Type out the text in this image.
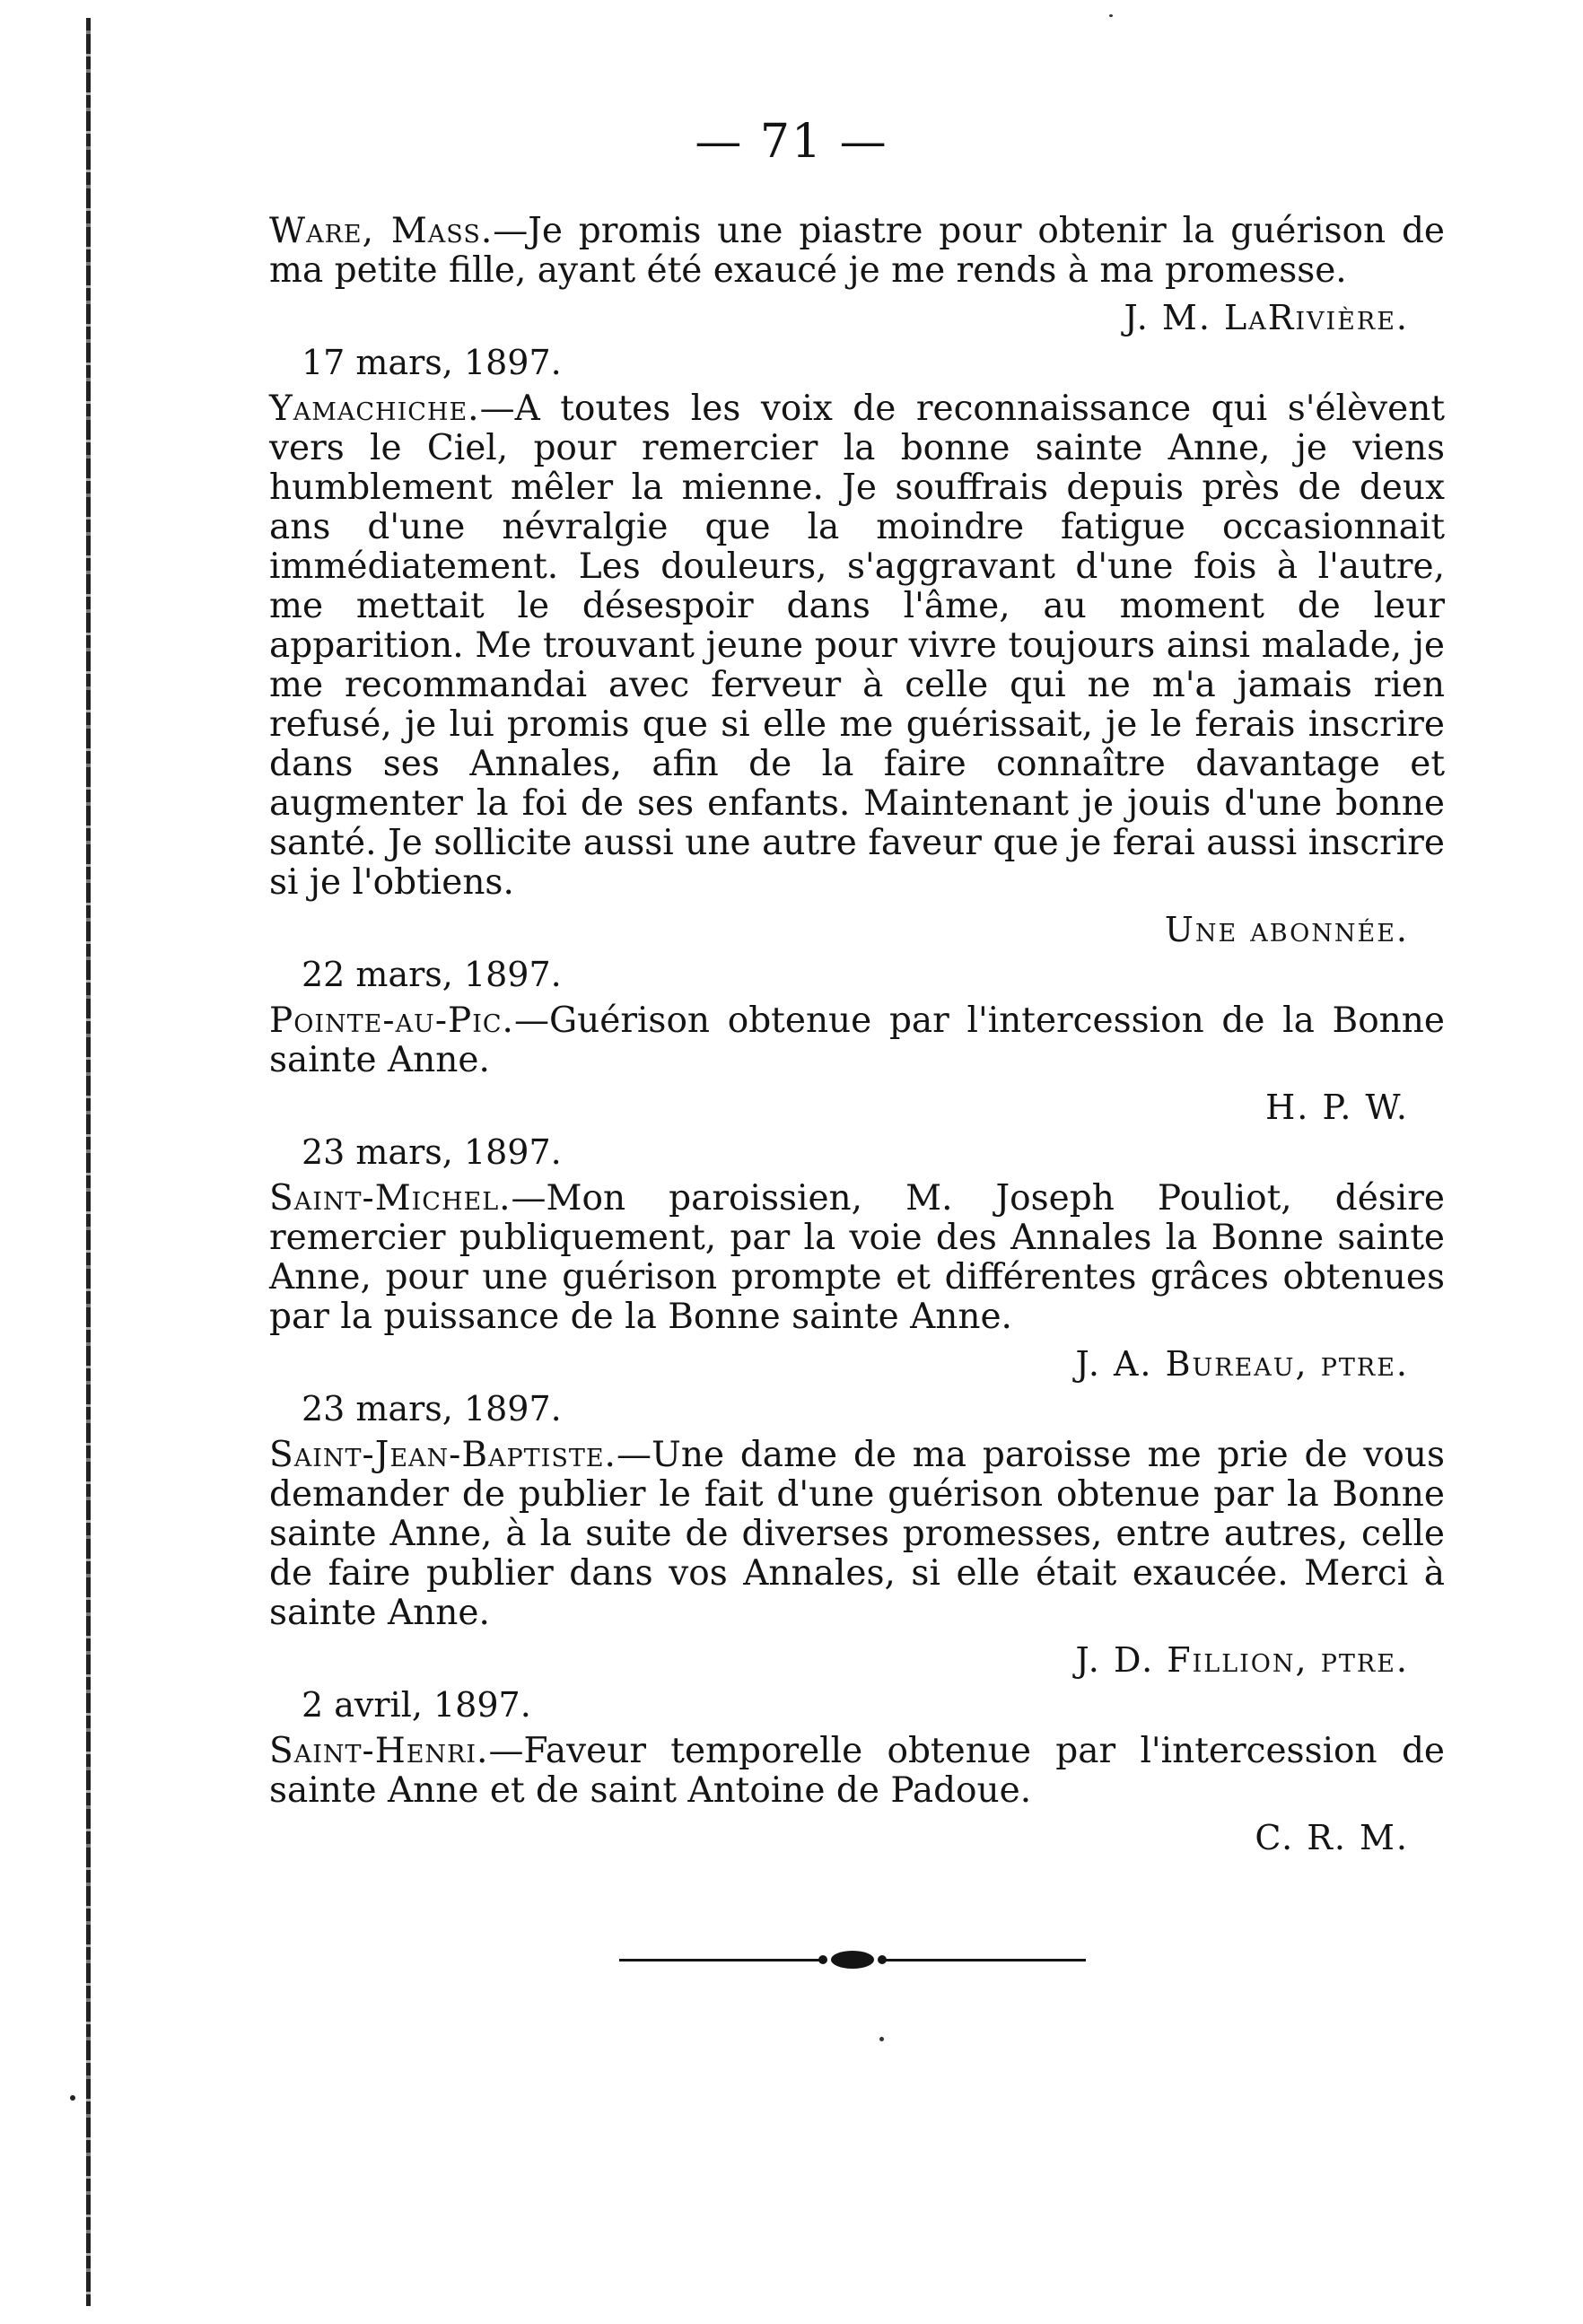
— 71 —

Ware, Mass.—Je promis une piastre pour obtenir la guérison de ma petite fille, ayant été exaucé je me rends à ma promesse.

J. M. LaRivière.

17 mars, 1897.

Yamachiche.—A toutes les voix de reconnaissance qui s'élèvent vers le Ciel, pour remercier la bonne sainte Anne, je viens humblement mêler la mienne. Je souffrais depuis près de deux ans d'une névralgie que la moindre fatigue occasionnait immédiatement. Les douleurs, s'aggravant d'une fois à l'autre, me mettait le désespoir dans l'âme, au moment de leur apparition. Me trouvant jeune pour vivre toujours ainsi malade, je me recommandai avec ferveur à celle qui ne m'a jamais rien refusé, je lui promis que si elle me guérissait, je le ferais inscrire dans ses Annales, afin de la faire connaître davantage et augmenter la foi de ses enfants. Maintenant je jouis d'une bonne santé. Je sollicite aussi une autre faveur que je ferai aussi inscrire si je l'obtiens.

Une abonnée.

22 mars, 1897.

Pointe-au-Pic.—Guérison obtenue par l'intercession de la Bonne sainte Anne.

H. P. W.

23 mars, 1897.

Saint-Michel.—Mon paroissien, M. Joseph Pouliot, désire remercier publiquement, par la voie des Annales la Bonne sainte Anne, pour une guérison prompte et différentes grâces obtenues par la puissance de la Bonne sainte Anne.

J. A. Bureau, ptre.

23 mars, 1897.

Saint-Jean-Baptiste.—Une dame de ma paroisse me prie de vous demander de publier le fait d'une guérison obtenue par la Bonne sainte Anne, à la suite de diverses promesses, entre autres, celle de faire publier dans vos Annales, si elle était exaucée. Merci à sainte Anne.

J. D. Fillion, ptre.

2 avril, 1897.

Saint-Henri.—Faveur temporelle obtenue par l'intercession de sainte Anne et de saint Antoine de Padoue.

C. R. M.
